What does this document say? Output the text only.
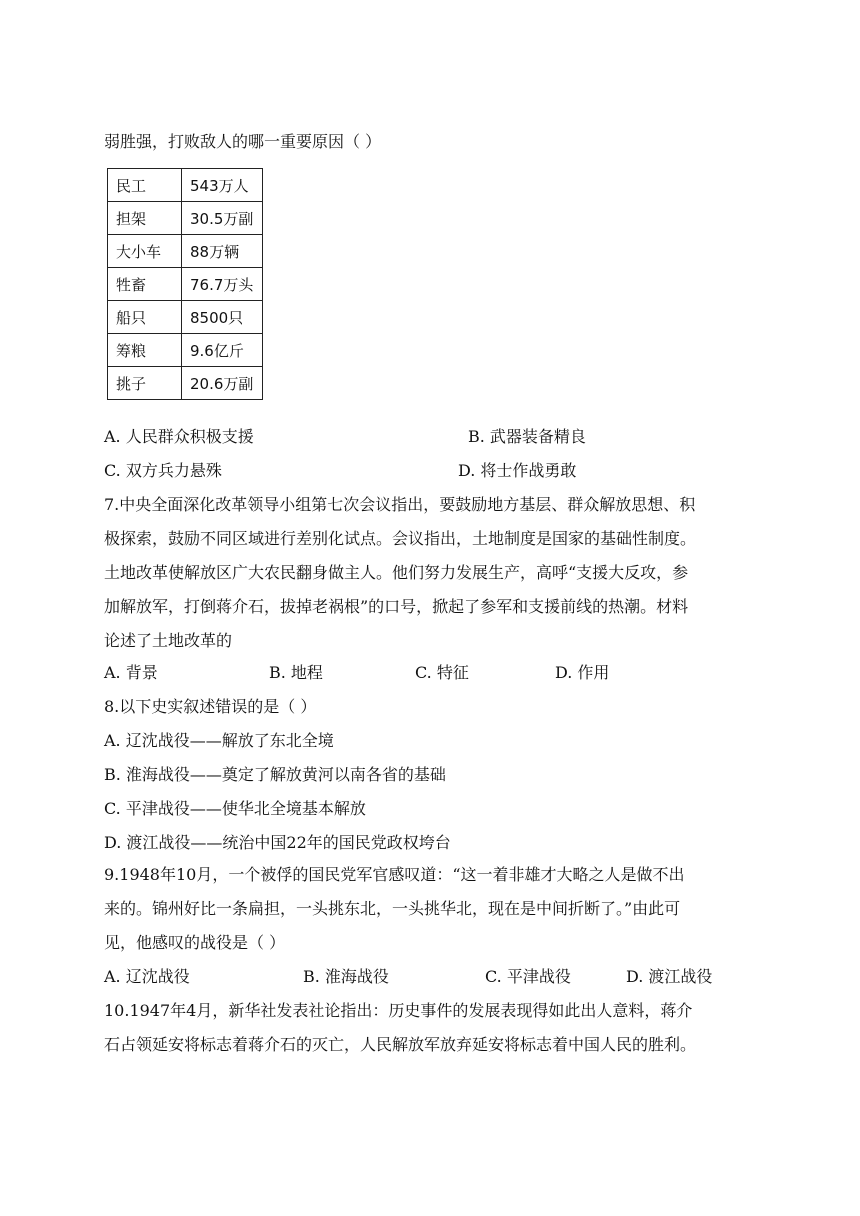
弱胜强，打败敌人的哪一重要原因（ ）
民工	543万人
担架	30.5万副
大小车	88万辆
牲畜	76.7万头
船只	8500只
筹粮	9.6亿斤
挑子	20.6万副
A. 人民群众积极支援	B. 武器装备精良
C. 双方兵力悬殊	D. 将士作战勇敢
7.中央全面深化改革领导小组第七次会议指出，要鼓励地方基层、群众解放思想、积
极探索，鼓励不同区域进行差别化试点。会议指出，土地制度是国家的基础性制度。
土地改革使解放区广大农民翻身做主人。他们努力发展生产，高呼“支援大反攻，参
加解放军，打倒蒋介石，拔掉老祸根”的口号，掀起了参军和支援前线的热潮。材料
论述了土地改革的
A. 背景	B. 地程	C. 特征	D. 作用
8.以下史实叙述错误的是（ ）
A. 辽沈战役——解放了东北全境
B. 淮海战役——奠定了解放黄河以南各省的基础
C. 平津战役——使华北全境基本解放
D. 渡江战役——统治中国22年的国民党政权垮台
9.1948年10月，一个被俘的国民党军官感叹道：“这一着非雄才大略之人是做不出
来的。锦州好比一条扁担，一头挑东北，一头挑华北，现在是中间折断了。”由此可
见，他感叹的战役是（ ）
A. 辽沈战役	B. 淮海战役	C. 平津战役	D. 渡江战役
10.1947年4月，新华社发表社论指出：历史事件的发展表现得如此出人意料，蒋介
石占领延安将标志着蒋介石的灭亡，人民解放军放弃延安将标志着中国人民的胜利。
